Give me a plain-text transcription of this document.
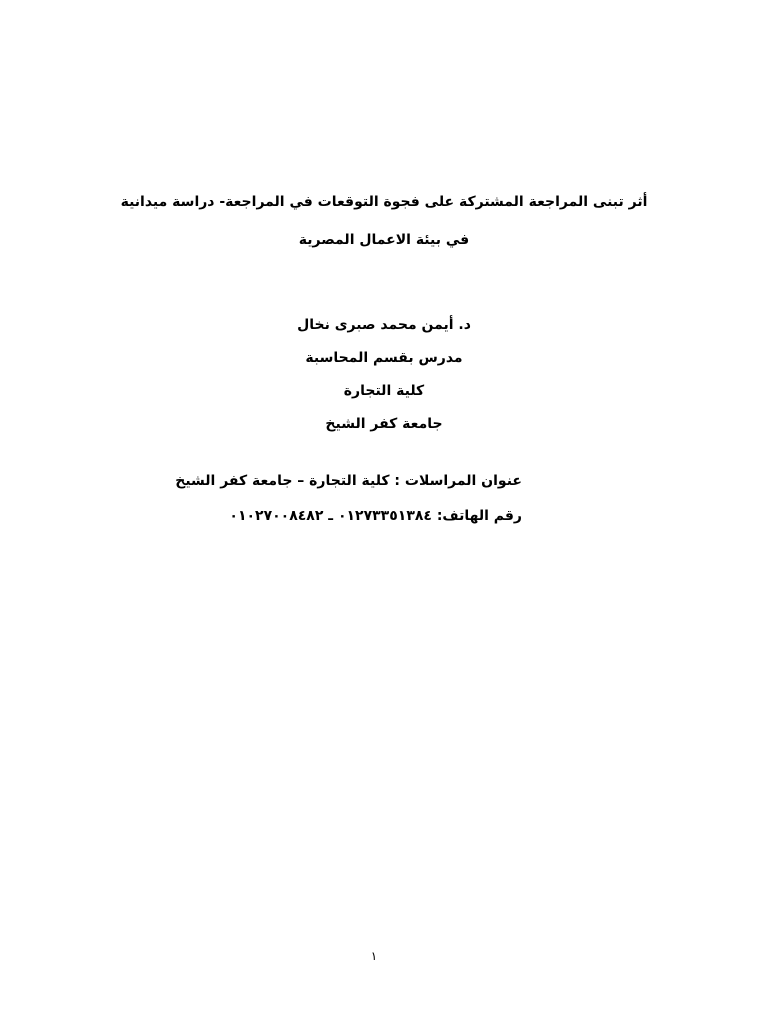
أثر تبنى المراجعة المشتركة على فجوة التوقعات في المراجعة- دراسة ميدانية
في بيئة الاعمال المصرية
د. أيمن محمد صبرى نخال
مدرس بقسم المحاسبة
كلية التجارة
جامعة كفر الشيخ
عنوان المراسلات : كلية التجارة – جامعة كفر الشيخ
رقم الهاتف: ٠١٢٧٣٣٥١٣٨٤ ـ ٠١٠٢٧٠٠٨٤٨٢
١
